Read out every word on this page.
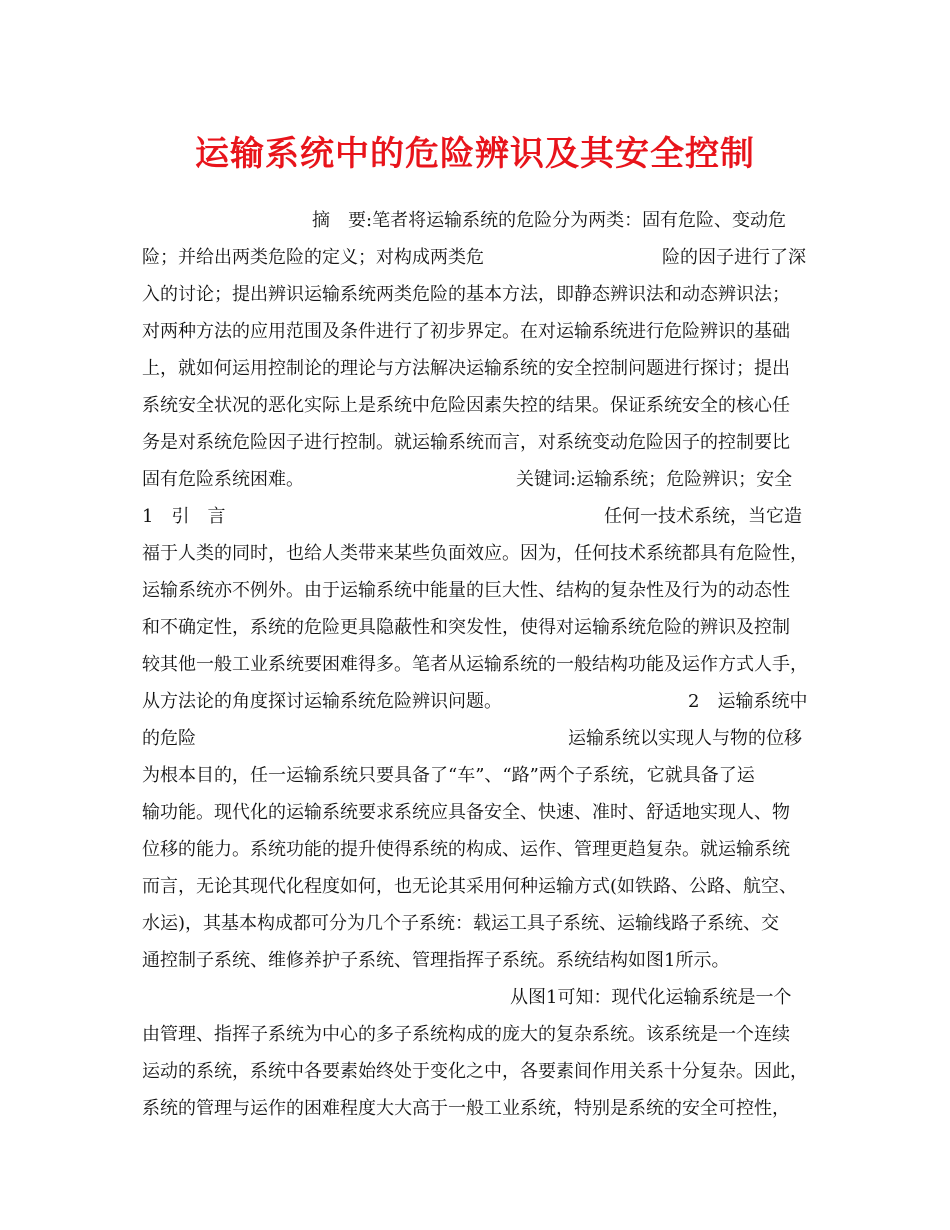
运输系统中的危险辨识及其安全控制
摘　要:笔者将运输系统的危险分为两类：固有危险、变动危
险；并给出两类危险的定义；对构成两类危	险的因子进行了深
入的讨论；提出辨识运输系统两类危险的基本方法，即静态辨识法和动态辨识法；
对两种方法的应用范围及条件进行了初步界定。在对运输系统进行危险辨识的基础
上，就如何运用控制论的理论与方法解决运输系统的安全控制问题进行探讨；提出
系统安全状况的恶化实际上是系统中危险因素失控的结果。保证系统安全的核心任
务是对系统危险因子进行控制。就运输系统而言，对系统变动危险因子的控制要比
固有危险系统困难。	关键词:运输系统；危险辨识；安全
1　引　言	任何一技术系统，当它造
福于人类的同时，也给人类带来某些负面效应。因为，任何技术系统都具有危险性，
运输系统亦不例外。由于运输系统中能量的巨大性、结构的复杂性及行为的动态性
和不确定性，系统的危险更具隐蔽性和突发性，使得对运输系统危险的辨识及控制
较其他一般工业系统要困难得多。笔者从运输系统的一般结构功能及运作方式人手，
从方法论的角度探讨运输系统危险辨识问题。	2　运输系统中
的危险	运输系统以实现人与物的位移
为根本目的，任一运输系统只要具备了“车”、“路”两个子系统，它就具备了运
输功能。现代化的运输系统要求系统应具备安全、快速、准时、舒适地实现人、物
位移的能力。系统功能的提升使得系统的构成、运作、管理更趋复杂。就运输系统
而言，无论其现代化程度如何，也无论其采用何种运输方式(如铁路、公路、航空、
水运)，其基本构成都可分为几个子系统：载运工具子系统、运输线路子系统、交
通控制子系统、维修养护子系统、管理指挥子系统。系统结构如图1所示。
从图1可知：现代化运输系统是一个
由管理、指挥子系统为中心的多子系统构成的庞大的复杂系统。该系统是一个连续
运动的系统，系统中各要素始终处于变化之中，各要素间作用关系十分复杂。因此，
系统的管理与运作的困难程度大大高于一般工业系统，特别是系统的安全可控性，
